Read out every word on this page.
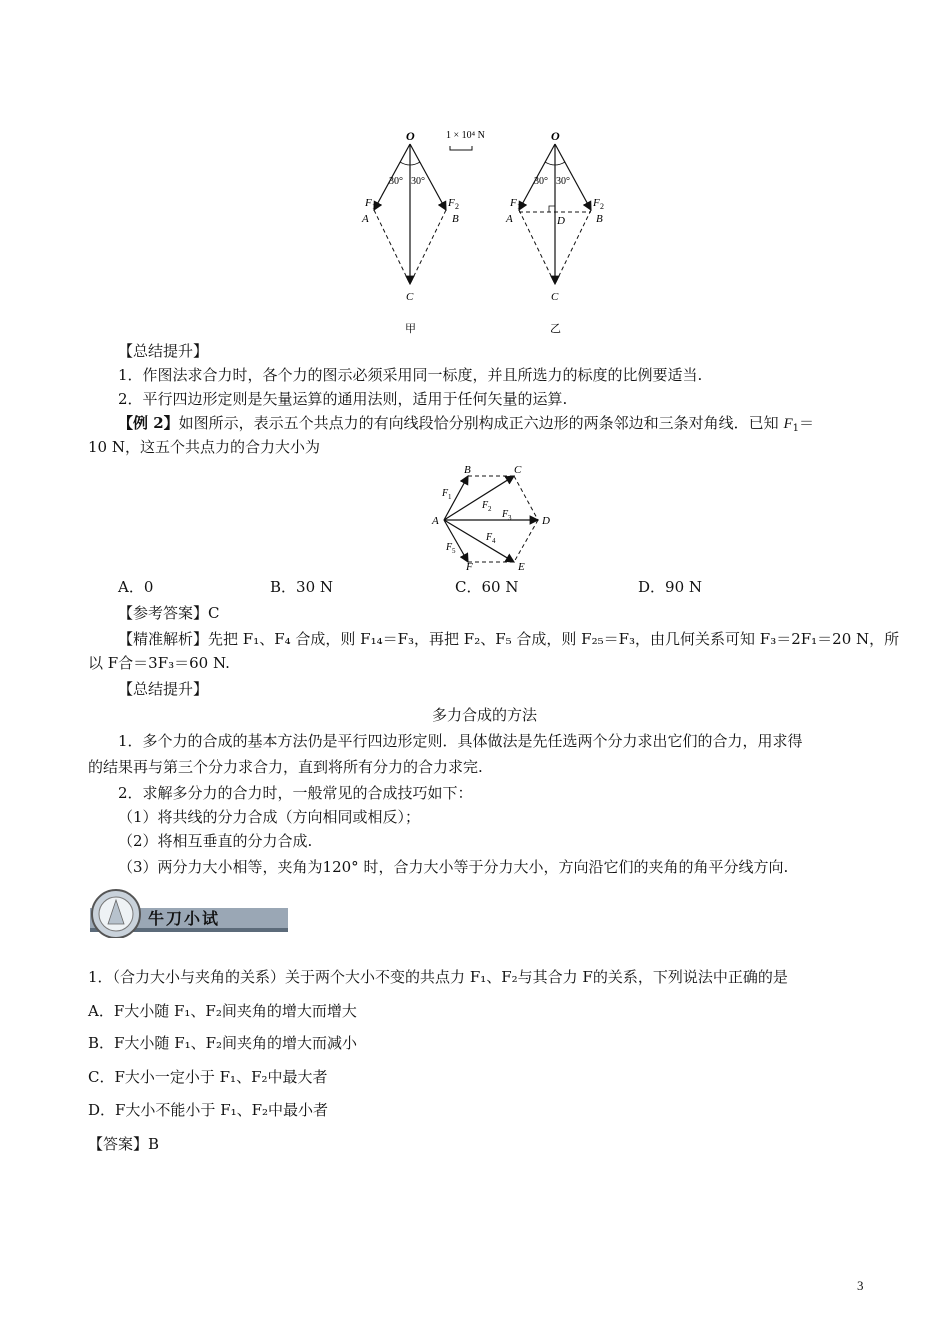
O
30° 30°
F 1
A
F 2
B
C
甲
1 × 10⁴ N	O
30° 30°
F 1
A
F 2
B
D
C
乙
【总结提升】
1．作图法求合力时，各个力的图示必须采用同一标度，并且所选力的标度的比例要适当.
2．平行四边形定则是矢量运算的通用法则，适用于任何矢量的运算.
【例 2】如图所示，表示五个共点力的有向线段恰分别构成正六边形的两条邻边和三条对角线．已知 $F_1=$
10 N，这五个共点力的合力大小为
B	C
D
E
F
A
F 1
F 2 F 3
F 4
F 5
A．0	B．30 N	C．60 N	D．90 N
【参考答案】C
【精准解析】先把 F₁、F₄ 合成，则 F₁₄＝F₃，再把 F₂、F₅ 合成，则 F₂₅＝F₃，由几何关系可知 F₃＝2F₁＝20 N，所
以 F合＝3F₃＝60 N.
【总结提升】
多力合成的方法
1．多个力的合成的基本方法仍是平行四边形定则．具体做法是先任选两个分力求出它们的合力，用求得
的结果再与第三个分力求合力，直到将所有分力的合力求完.
2．求解多分力的合力时，一般常见的合成技巧如下：
（1）将共线的分力合成（方向相同或相反）；
（2）将相互垂直的分力合成.
（3）两分力大小相等，夹角为120° 时，合力大小等于分力大小，方向沿它们的夹角的角平分线方向.
牛刀小试
1．（合力大小与夹角的关系）关于两个大小不变的共点力 F₁、F₂与其合力 F的关系，下列说法中正确的是
A．F大小随 F₁、F₂间夹角的增大而增大
B．F大小随 F₁、F₂间夹角的增大而减小
C．F大小一定小于 F₁、F₂中最大者
D．F大小不能小于 F₁、F₂中最小者
【答案】B
3
